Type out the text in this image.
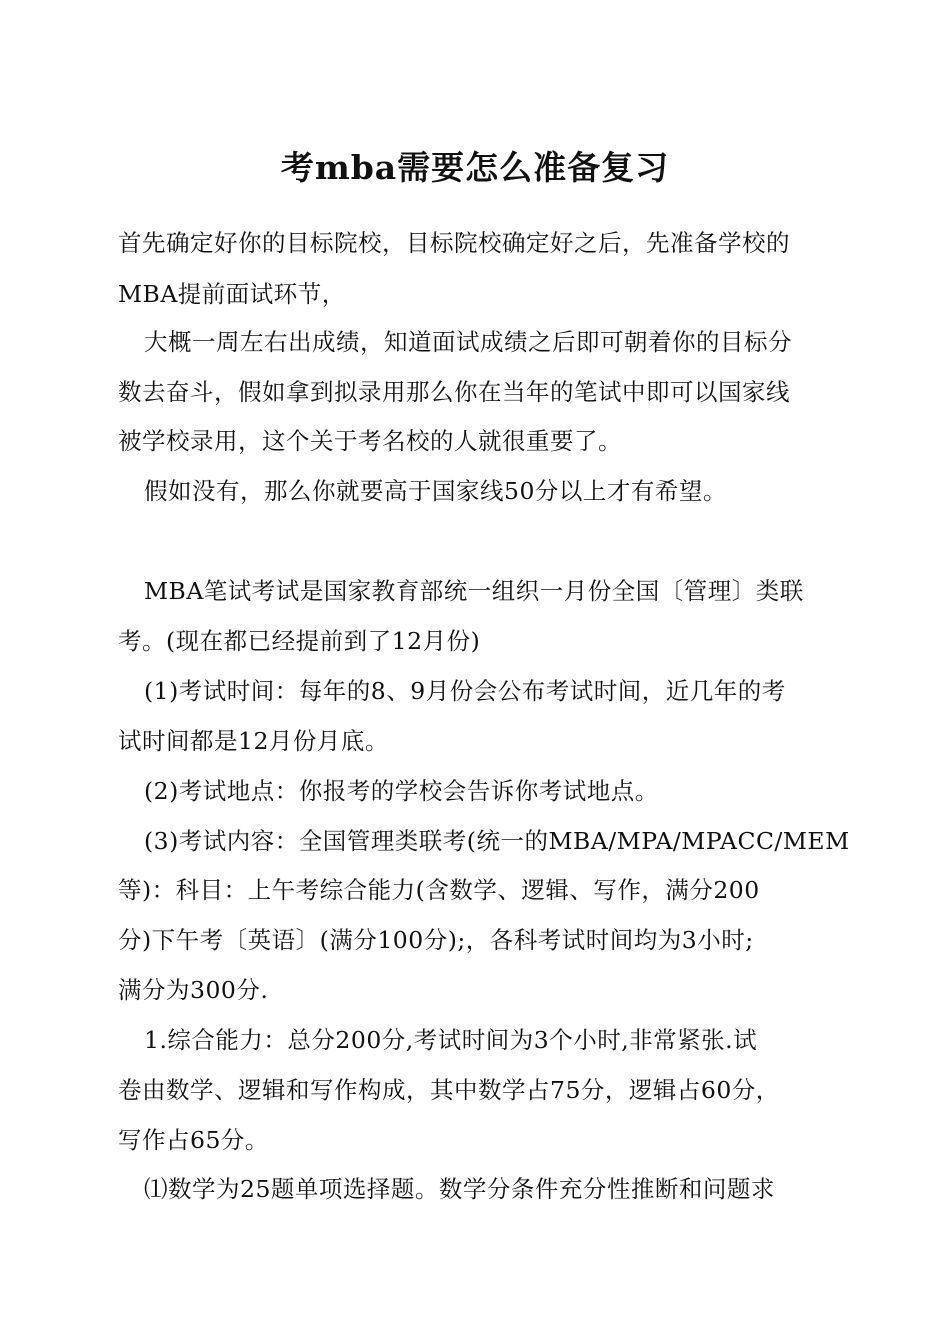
考mba需要怎么准备复习
首先确定好你的目标院校，目标院校确定好之后，先准备学校的
MBA提前面试环节，
大概一周左右出成绩，知道面试成绩之后即可朝着你的目标分
数去奋斗，假如拿到拟录用那么你在当年的笔试中即可以国家线
被学校录用，这个关于考名校的人就很重要了。
假如没有，那么你就要高于国家线50分以上才有希望。
MBA笔试考试是国家教育部统一组织一月份全国〔管理〕类联
考。(现在都已经提前到了12月份)
(1)考试时间：每年的8、9月份会公布考试时间，近几年的考
试时间都是12月份月底。
(2)考试地点：你报考的学校会告诉你考试地点。
(3)考试内容：全国管理类联考(统一的MBA/MPA/MPACC/MEM
等)：科目：上午考综合能力(含数学、逻辑、写作，满分200
分)下午考〔英语〕(满分100分);，各科考试时间均为3小时;
满分为300分.
1.综合能力：总分200分,考试时间为3个小时,非常紧张.试
卷由数学、逻辑和写作构成，其中数学占75分，逻辑占60分，
写作占65分。
⑴数学为25题单项选择题。数学分条件充分性推断和问题求
